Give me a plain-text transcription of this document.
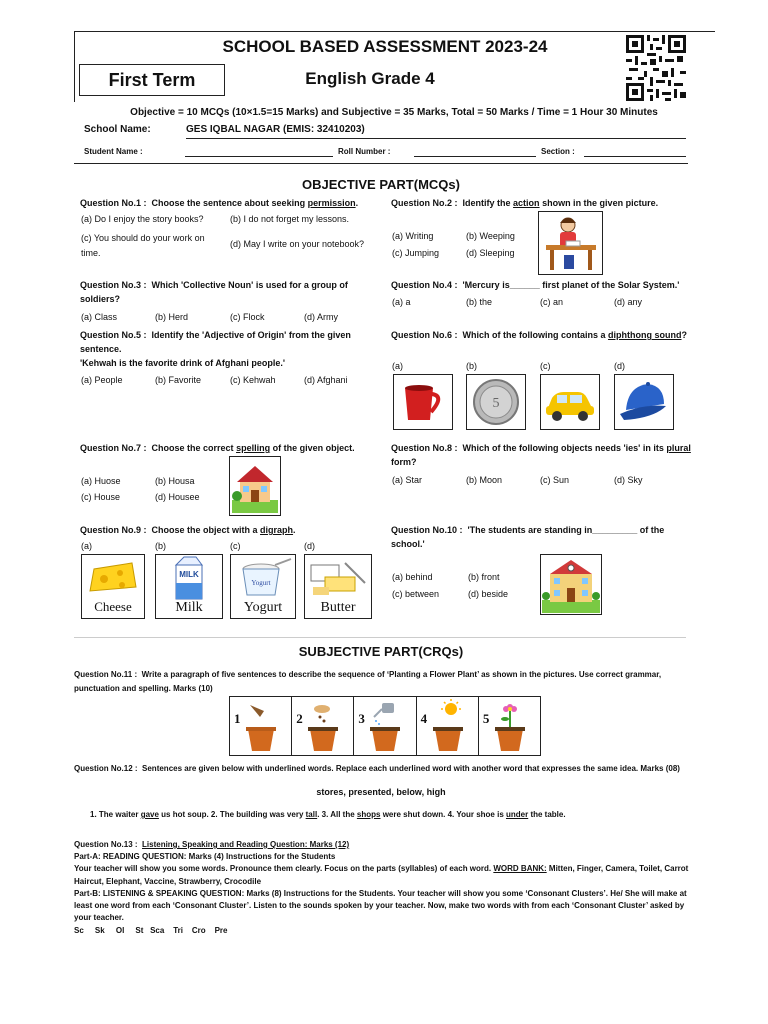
SCHOOL BASED ASSESSMENT 2023-24
First Term	English Grade 4
Objective = 10 MCQs (10×1.5=15 Marks) and Subjective = 35 Marks, Total = 50 Marks / Time = 1 Hour 30 Minutes
School Name:	GES IQBAL NAGAR (EMIS: 32410203)
Student Name :	Roll Number :	Section :
OBJECTIVE PART(MCQs)
Question No.1 : Choose the sentence about seeking permission.
(a) Do I enjoy the story books?	(b) I do not forget my lessons.
(c) You should do your work on time.
(d) May I write on your notebook?
Question No.2 : Identify the action shown in the given picture.
(a) Writing	(b) Weeping
(c) Jumping	(d) Sleeping
Question No.3 : Which 'Collective Noun' is used for a group of soldiers?
(a) Class	(b) Herd	(c) Flock	(d) Army
Question No.4 : 'Mercury is______ first planet of the Solar System.'
(a) a	(b) the	(c) an	(d) any
Question No.5 : Identify the 'Adjective of Origin' from the given sentence.
'Kehwah is the favorite drink of Afghani people.'
(a) People	(b) Favorite	(c) Kehwah	(d) Afghani
Question No.6 : Which of the following contains a diphthong sound?
(a)	(b)	(c)	(d)
5
Question No.7 : Choose the correct spelling of the given object.
(a) Huose	(b) Housa
(c) House	(d) Housee
Question No.8 : Which of the following objects needs 'ies' in its plural form?
(a) Star	(b) Moon	(c) Sun	(d) Sky
Question No.9 : Choose the object with a digraph.
(a)	(b)	(c)	(d)
Cheese
MILK
Milk
Yogurt
Yogurt	Butter
Question No.10 : 'The students are standing in_________ of the school.'
(a) behind	(b) front
(c) between	(d) beside
SUBJECTIVE PART(CRQs)
Question No.11 : Write a paragraph of five sentences to describe the sequence of ‘Planting a Flower Plant’ as shown in the pictures. Use correct grammar, punctuation and spelling. Marks (10)
1	2	3	4	5
Question No.12 : Sentences are given below with underlined words. Replace each underlined word with another word that expresses the same idea. Marks (08)
stores, presented, below, high
1. The waiter gave us hot soup. 2. The building was very tall. 3. All the shops were shut down. 4. Your shoe is under the table.
Question No.13 : Listening, Speaking and Reading Question: Marks (12)
Part-A: READING QUESTION: Marks (4) Instructions for the Students
Your teacher will show you some words. Pronounce them clearly. Focus on the parts (syllables) of each word. WORD BANK: Mitten, Finger, Camera, Toilet, Carrot
Haircut, Elephant, Vaccine, Strawberry, Crocodile
Part-B: LISTENING & SPEAKING QUESTION: Marks (8) Instructions for the Students. Your teacher will show you some ‘Consonant Clusters’. He/ She will make at
least one word from each ‘Consonant Cluster’. Listen to the sounds spoken by your teacher. Now, make two words with from each ‘Consonant Cluster’ asked by
your teacher.
Sc Sk Ol St Sca Tri Cro Pre
